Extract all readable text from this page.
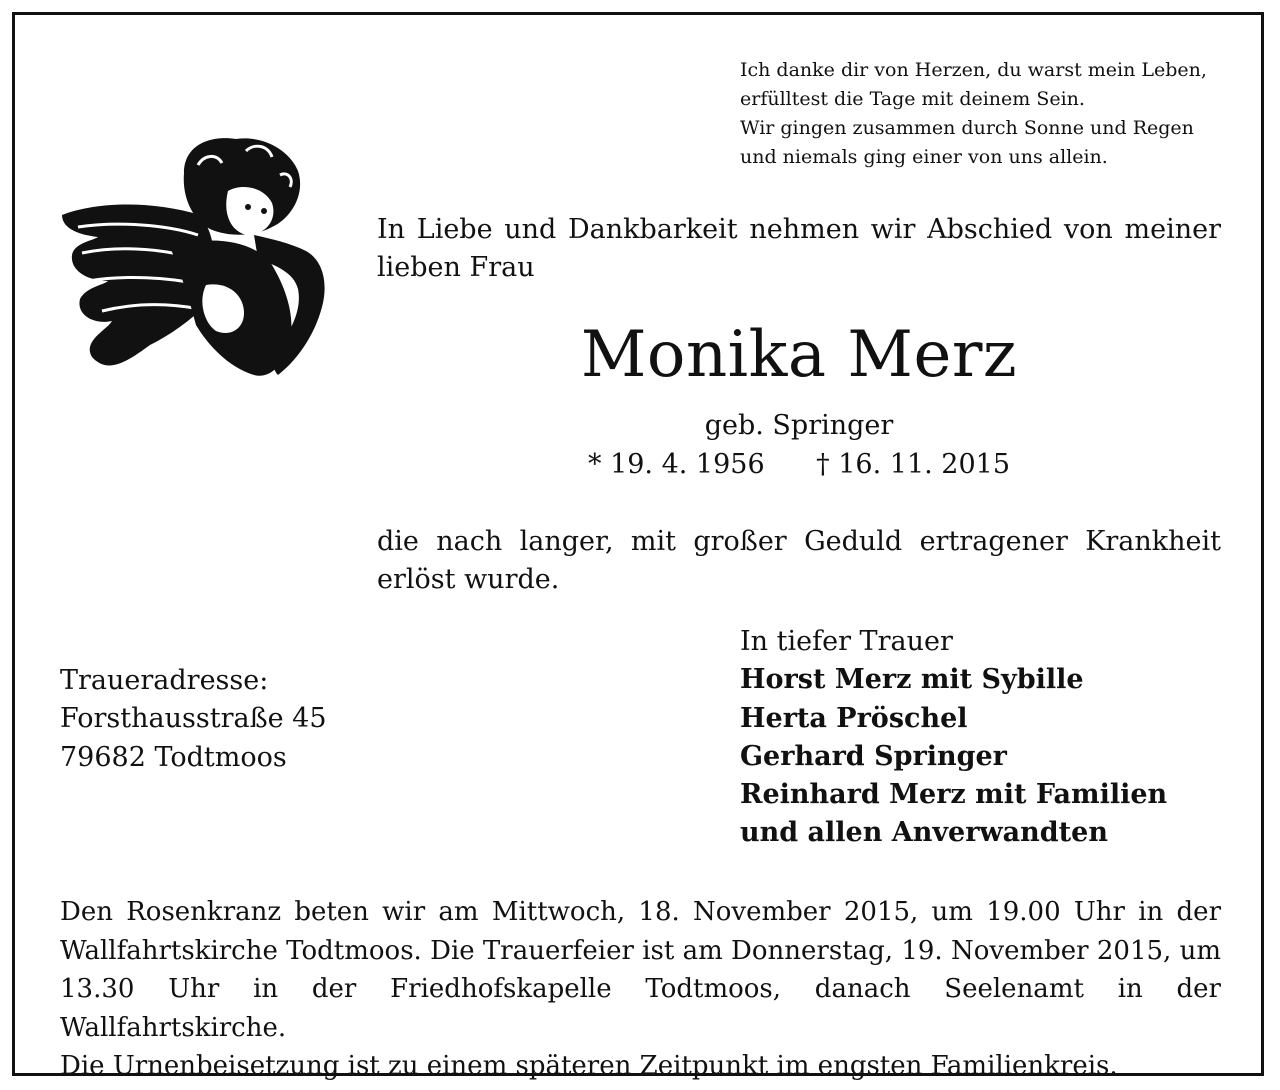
Ich danke dir von Herzen, du warst mein Leben,
erfülltest die Tage mit deinem Sein.
Wir gingen zusammen durch Sonne und Regen
und niemals ging einer von uns allein.

In Liebe und Dankbarkeit nehmen wir Abschied von meiner lieben Frau

Monika Merz
geb. Springer
* 19. 4. 1956 † 16. 11. 2015

die nach langer, mit großer Geduld ertragener Krankheit erlöst wurde.

In tiefer Trauer
Horst Merz mit Sybille
Herta Pröschel
Gerhard Springer
Reinhard Merz mit Familien
und allen Anverwandten
Traueradresse:
Forsthausstraße 45
79682 Todtmoos
Den Rosenkranz beten wir am Mittwoch, 18. November 2015, um 19.00 Uhr in der
Wallfahrtskirche Todtmoos. Die Trauerfeier ist am Donnerstag, 19. November 2015, um
13.30 Uhr in der Friedhofskapelle Todtmoos, danach Seelenamt in der Wallfahrtskirche.
Die Urnenbeisetzung ist zu einem späteren Zeitpunkt im engsten Familienkreis.
